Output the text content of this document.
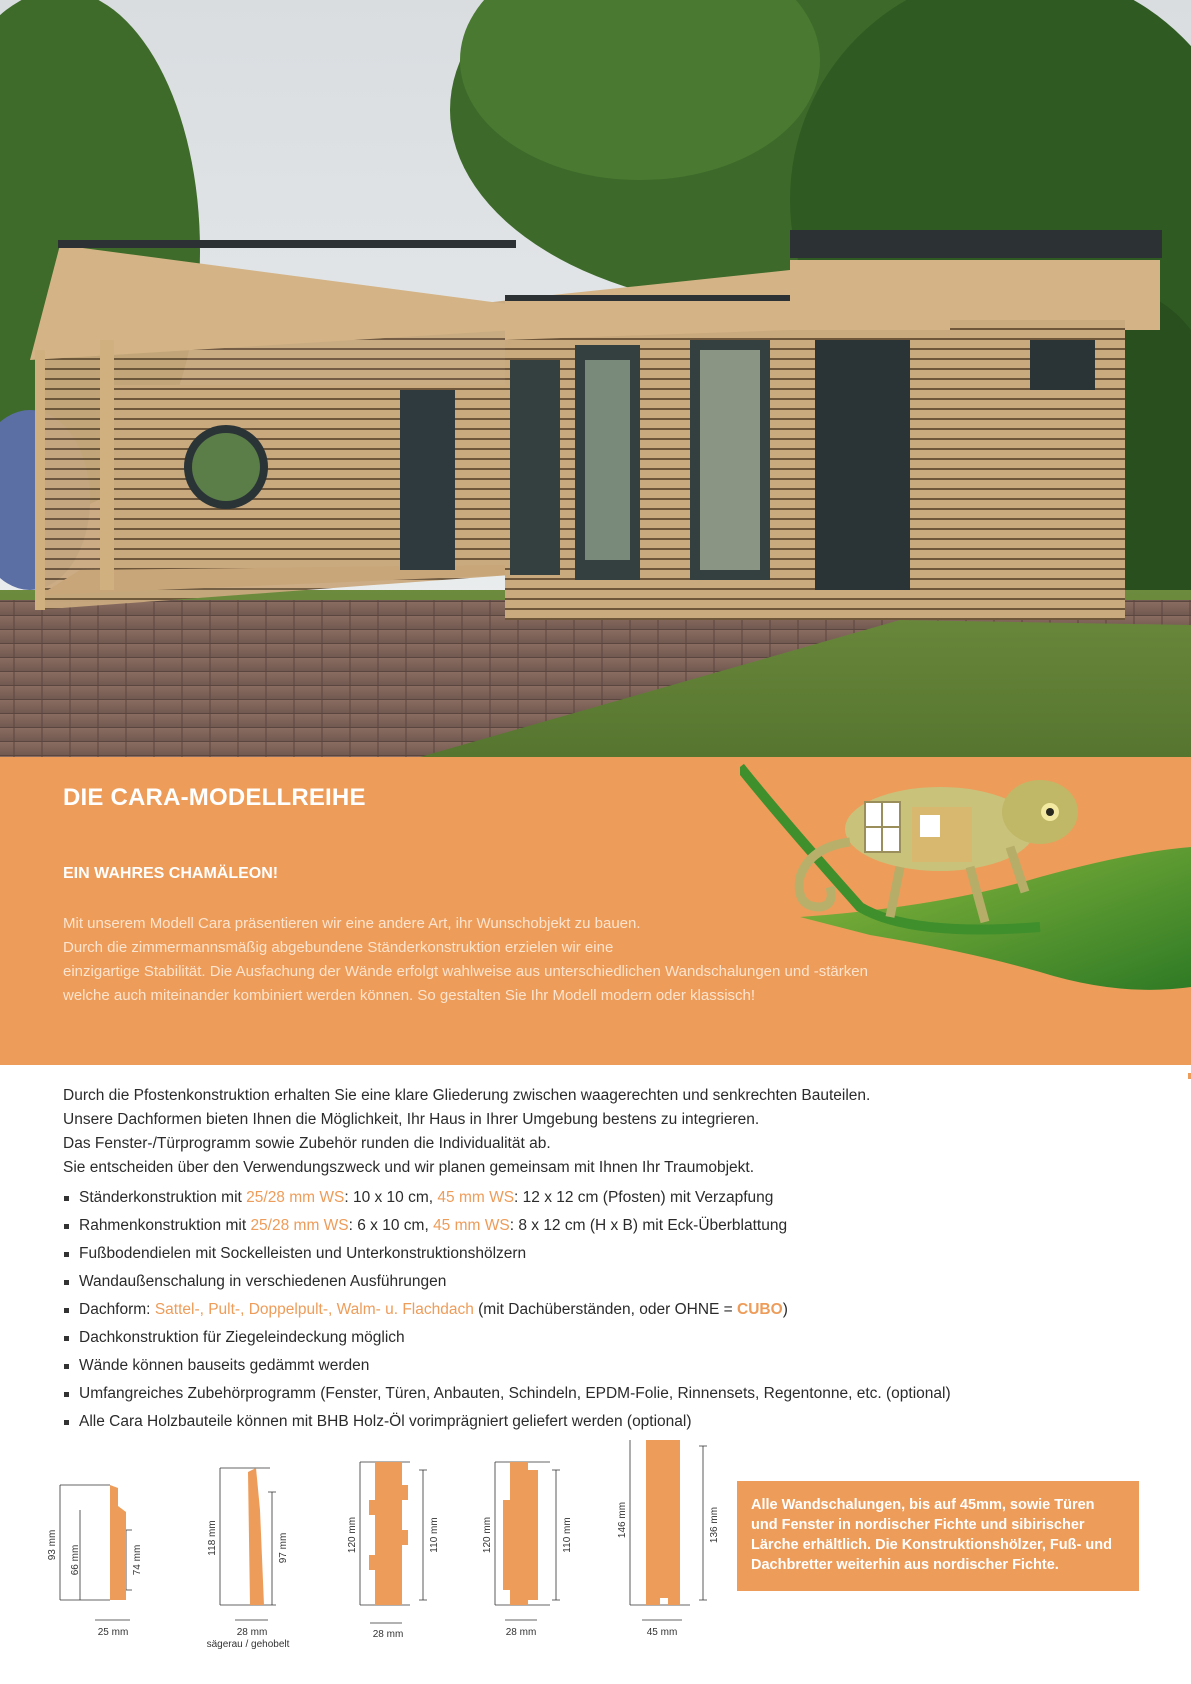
DIE CARA-MODELLREIHE
EIN WAHRES CHAMÄLEON!

Mit unserem Modell Cara präsentieren wir eine andere Art, ihr Wunschobjekt zu bauen.

Durch die zimmermannsmäßig abgebundene Ständerkonstruktion erzielen wir eine

einzigartige Stabilität. Die Ausfachung der Wände erfolgt wahlweise aus unterschiedlichen Wandschalungen und -stärken

welche auch miteinander kombiniert werden können. So gestalten Sie Ihr Modell modern oder klassisch!

Durch die Pfostenkonstruktion erhalten Sie eine klare Gliederung zwischen waagerechten und senkrechten Bauteilen.

Unsere Dachformen bieten Ihnen die Möglichkeit, Ihr Haus in Ihrer Umgebung bestens zu integrieren.

Das Fenster-/Türprogramm sowie Zubehör runden die Individualität ab.

Sie entscheiden über den Verwendungszweck und wir planen gemeinsam mit Ihnen Ihr Traumobjekt.

Ständerkonstruktion mit 25/28 mm WS: 10 x 10 cm, 45 mm WS: 12 x 12 cm (Pfosten) mit Verzapfung
Rahmenkonstruktion mit 25/28 mm WS: 6 x 10 cm, 45 mm WS: 8 x 12 cm (H x B) mit Eck-Überblattung
Fußbodendielen mit Sockelleisten und Unterkonstruktionshölzern
Wandaußenschalung in verschiedenen Ausführungen
Dachform: Sattel-, Pult-, Doppelpult-, Walm- u. Flachdach (mit Dachüberständen, oder OHNE = CUBO)
Dachkonstruktion für Ziegeleindeckung möglich
Wände können bauseits gedämmt werden
Umfangreiches Zubehörprogramm (Fenster, Türen, Anbauten, Schindeln, EPDM-Folie, Rinnensets, Regentonne, etc. (optional)
Alle Cara Holzbauteile können mit BHB Holz-Öl vorimprägniert geliefert werden (optional)
93 mm 66 mm	74 mm
25 mm
118 mm	97 mm
28 mm
sägerau / gehobelt
120 mm	110 mm
28 mm
120 mm	110 mm
28 mm
146 mm	136 mm
45 mm

Alle Wandschalungen, bis auf 45mm, sowie Türen

und Fenster in nordischer Fichte und sibirischer

Lärche erhältlich. Die Konstruktionshölzer, Fuß- und

Dachbretter weiterhin aus nordischer Fichte.
